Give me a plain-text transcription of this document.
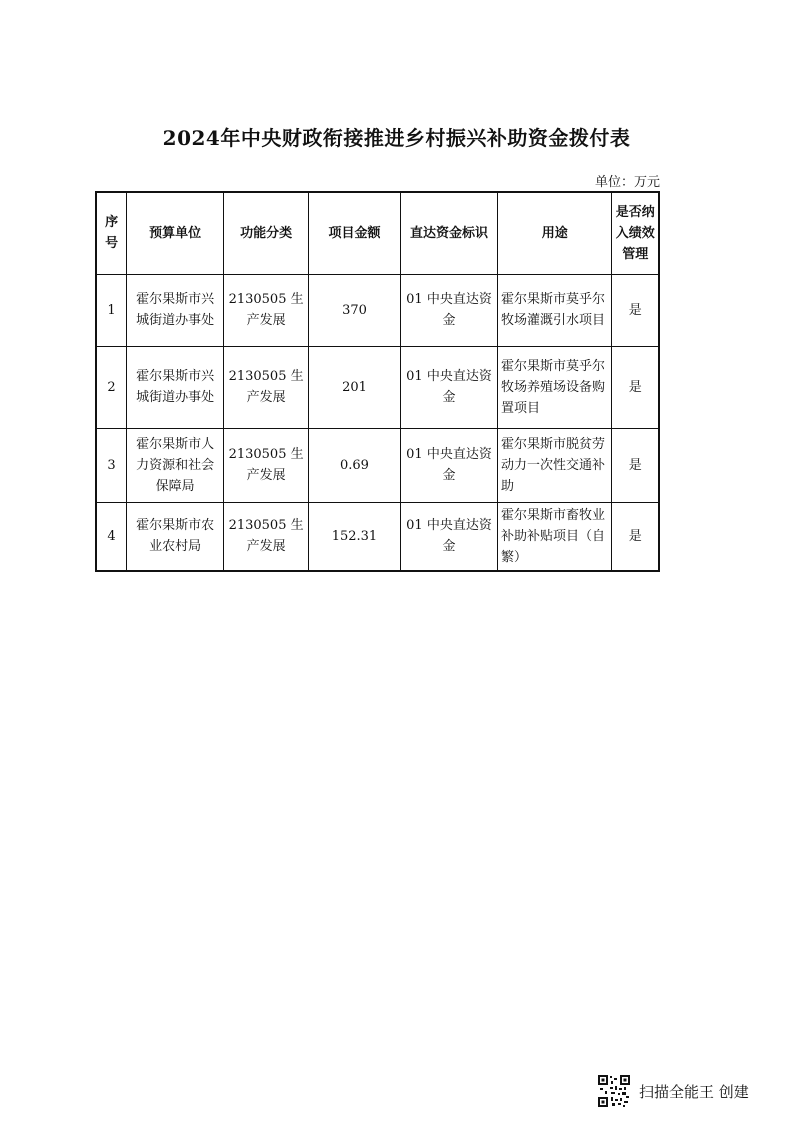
2024年中央财政衔接推进乡村振兴补助资金拨付表
单位：万元
序号	预算单位	功能分类	项目金额	直达资金标识	用途	是否纳入绩效管理
1	霍尔果斯市兴城街道办事处	2130505 生产发展	370	01 中央直达资金	霍尔果斯市莫乎尔牧场灌溉引水项目	是
2	霍尔果斯市兴城街道办事处	2130505 生产发展	201	01 中央直达资金	霍尔果斯市莫乎尔牧场养殖场设备购置项目	是
3	霍尔果斯市人力资源和社会保障局	2130505 生产发展	0.69	01 中央直达资金	霍尔果斯市脱贫劳动力一次性交通补助	是
4	霍尔果斯市农业农村局	2130505 生产发展	152.31	01 中央直达资金	霍尔果斯市畜牧业补助补贴项目（自繁）	是
扫描全能王 创建
